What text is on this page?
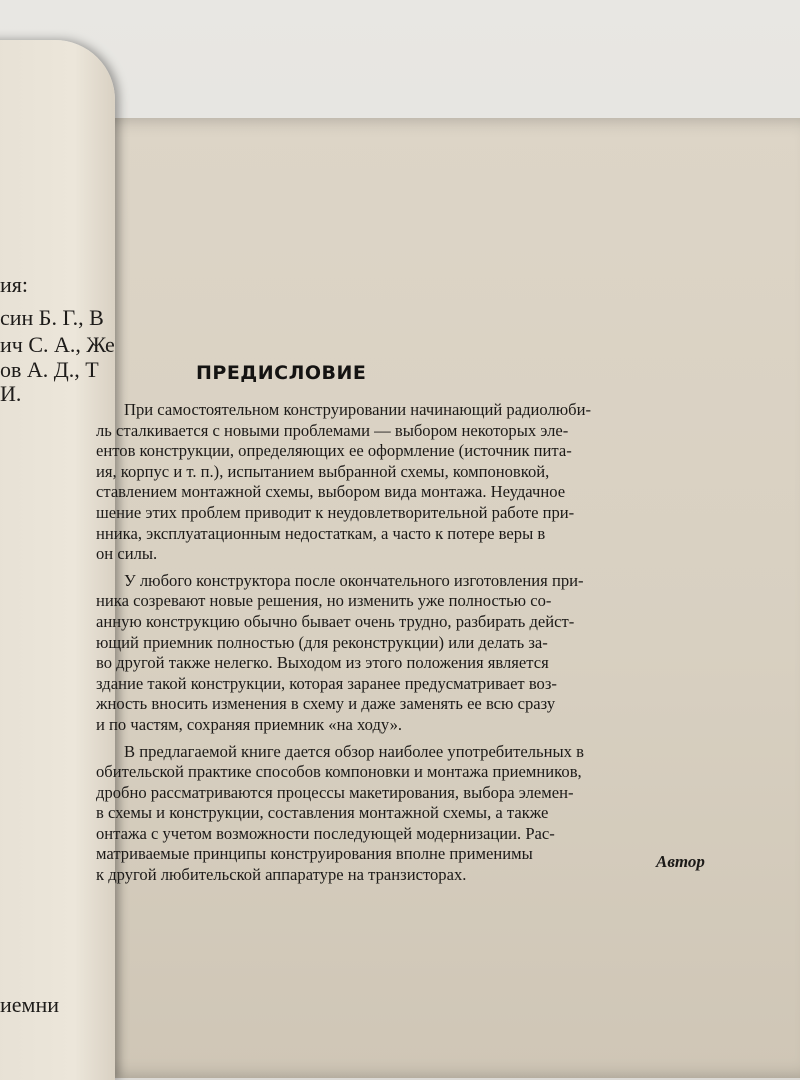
ия:
син Б. Г., В
ич С. А., Же
ов А. Д., Т
И.
иемни
ПРЕДИСЛОВИЕ

При самостоятельном конструировании начинающий радиолюби-

ль сталкивается с новыми проблемами — выбором некоторых эле-

ентов конструкции, определяющих ее оформление (источник пита-

ия, корпус и т. п.), испытанием выбранной схемы, компоновкой,

ставлением монтажной схемы, выбором вида монтажа. Неудачное

шение этих проблем приводит к неудовлетворительной работе при-

нника, эксплуатационным недостаткам, а часто к потере веры в

он силы.

У любого конструктора после окончательного изготовления при-

ника созревают новые решения, но изменить уже полностью со-

анную конструкцию обычно бывает очень трудно, разбирать дейст-

ющий приемник полностью (для реконструкции) или делать за-

во другой также нелегко. Выходом из этого положения является

здание такой конструкции, которая заранее предусматривает воз-

жность вносить изменения в схему и даже заменять ее всю сразу

и по частям, сохраняя приемник «на ходу».

В предлагаемой книге дается обзор наиболее употребительных в

обительской практике способов компоновки и монтажа приемников,

дробно рассматриваются процессы макетирования, выбора элемен-

в схемы и конструкции, составления монтажной схемы, а также

онтажа с учетом возможности последующей модернизации. Рас-

матриваемые принципы конструирования вполне применимы

к другой любительской аппаратуре на транзисторах.

Автор
